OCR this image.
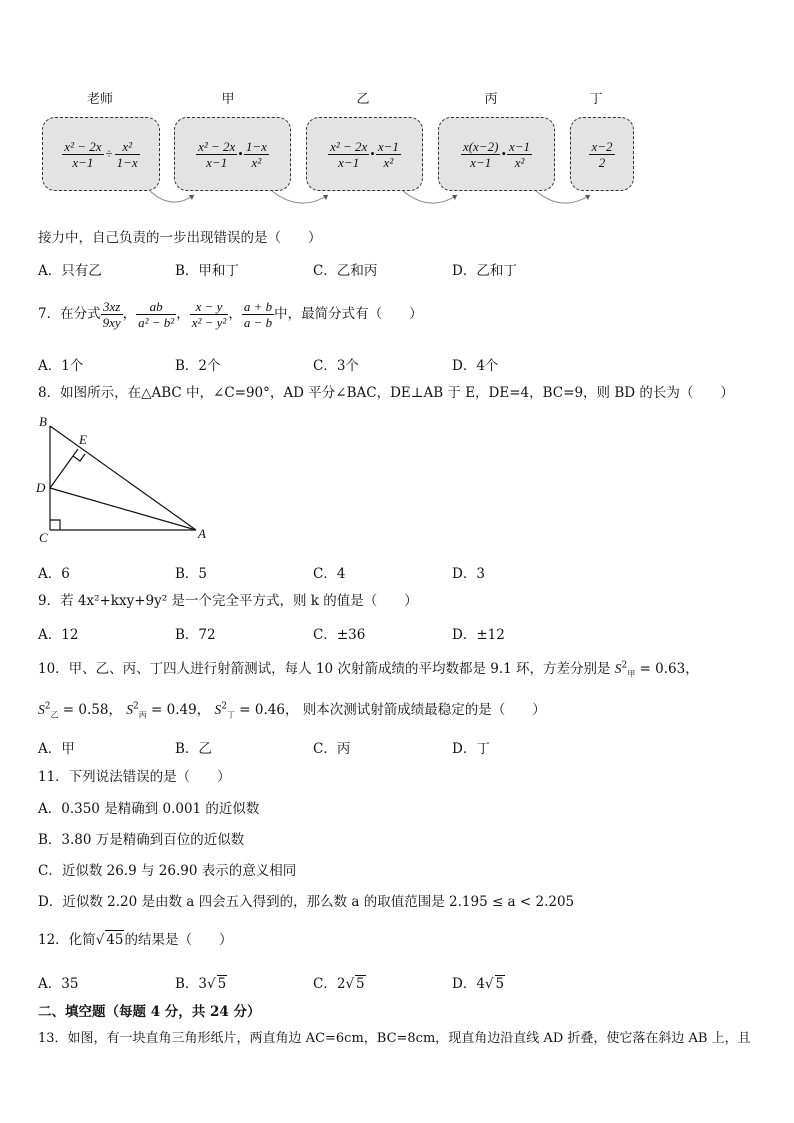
老师	甲	乙	丙	丁
$\frac{\text{x² − 2x}}{x-1} \div \frac{\text{x²}}{1-x}$	$\frac{\text{x² − 2x}}{x-1}$ • $\frac{1-x}{\text{x²}}$	$\frac{\text{x² − 2x}}{x-1}$ • $\frac{x-1}{\text{x²}}$	$\frac{x(x-2)}{x-1}$ • $\frac{x-1}{\text{x²}}$	$\frac{x-2}{2}$
接力中，自己负责的一步出现错误的是（　　）
A．只有乙	B．甲和丁	C．乙和丙	D．乙和丁
7．在分式 $\frac{3xz}{9xy}$ ， $\frac{ab}{\text{a² − b²}}$ ， $\frac{x - y}{\text{x² − y²}}$ ， $\frac{a + b}{a - b}$ 中，最简分式有（　　）
A．1个	B．2个	C．3个	D．4个
8．如图所示，在△ABC 中，∠C=90°，AD 平分∠BAC，DE⊥AB 于 E，DE=4，BC=9，则 BD 的长为（　　）
B
E
D
C	A
A．6	B．5	C．4	D．3
9．若 4x²+kxy+9y² 是一个完全平方式，则 k 的值是（　　）
A．12	B．72	C．±36	D．±12
10．甲、乙、丙、丁四人进行射箭测试，每人 10 次射箭成绩的平均数都是 9.1 环，方差分别是 $S^2_甲 = 0.63$，
$S^2_乙 = 0.58$， $S^2_丙 = 0.49$， $S^2_丁 = 0.46$， 则本次测试射箭成绩最稳定的是（　　）
A．甲	B．乙	C．丙	D．丁
11．下列说法错误的是（　　）
A．0.350 是精确到 0.001 的近似数
B．3.80 万是精确到百位的近似数
C．近似数 26.9 与 26.90 表示的意义相同
D．近似数 2.20 是由数 a 四会五入得到的，那么数 a 的取值范围是 2.195 ≤ a < 2.205
12．化简√ 45的结果是（　　）
A．35	B．3√ 5	C．2√ 5	D．4√ 5
二、填空题（每题 4 分，共 24 分）
13．如图，有一块直角三角形纸片，两直角边 AC=6cm，BC=8cm，现直角边沿直线 AD 折叠，使它落在斜边 AB 上，且
